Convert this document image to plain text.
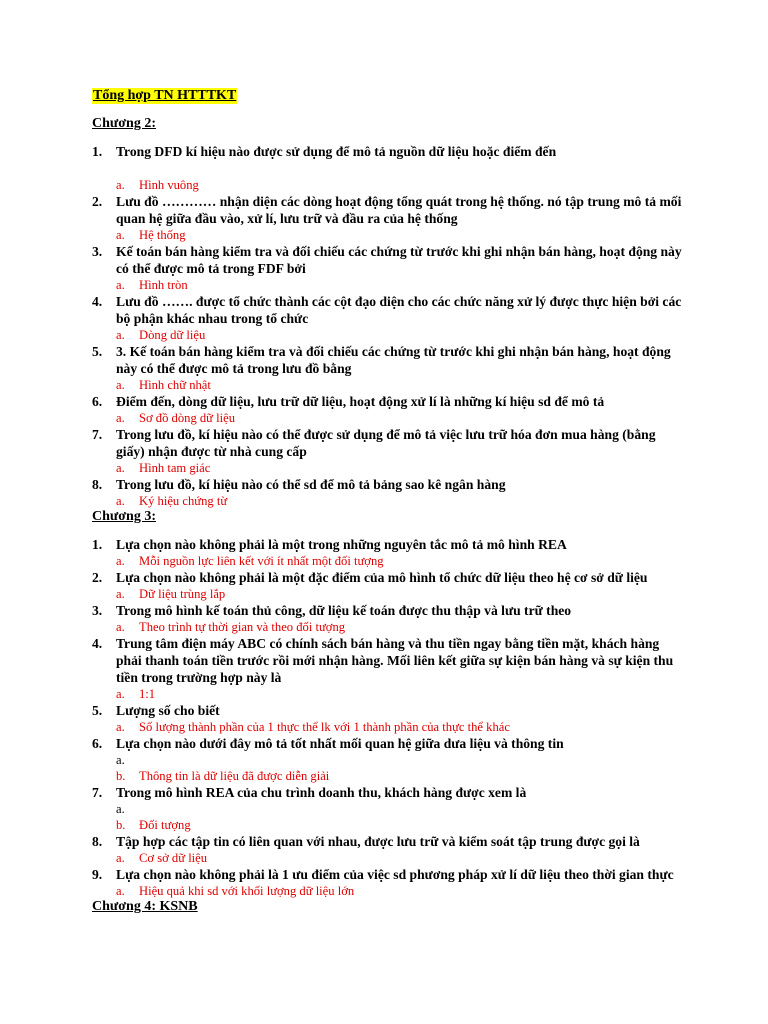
Tổng hợp TN HTTTKT
Chương 2:
1. Trong DFD kí hiệu nào được sử dụng để mô tả nguồn dữ liệu hoặc điểm đến
a. Hình vuông
2. Lưu đồ ………… nhận diện các dòng hoạt động tổng quát trong hệ thống. nó tập trung mô tả mối quan hệ giữa đầu vào, xử lí, lưu trữ và đầu ra của hệ thống
a. Hệ thống
3. Kế toán bán hàng kiểm tra và đối chiếu các chứng từ trước khi ghi nhận bán hàng, hoạt động này có thể được mô tả trong FDF bởi
a. Hình tròn
4. Lưu đồ ……. được tổ chức thành các cột đạo diện cho các chức năng xử lý được thực hiện bởi các bộ phận khác nhau trong tổ chức
a. Dòng dữ liệu
5. 3. Kế toán bán hàng kiểm tra và đối chiếu các chứng từ trước khi ghi nhận bán hàng, hoạt động này có thể được mô tả trong lưu đồ bằng
a. Hình chữ nhật
6. Điểm đến, dòng dữ liệu, lưu trữ dữ liệu, hoạt động xử lí là những kí hiệu sd để mô tả
a. Sơ đồ dòng dữ liệu
7. Trong lưu đồ, kí hiệu nào có thể được sử dụng để mô tả việc lưu trữ hóa đơn mua hàng (bằng giấy) nhận được từ nhà cung cấp
a. Hình tam giác
8. Trong lưu đồ, kí hiệu nào có thể sd để mô tả bảng sao kê ngân hàng
a. Ký hiệu chứng từ
Chương 3:
1. Lựa chọn nào không phải là một trong những nguyên tắc mô tả mô hình REA
a. Mỗi nguồn lực liên kết với ít nhất một đối tượng
2. Lựa chọn nào không phải là một đặc điểm của mô hình tổ chức dữ liệu theo hệ cơ sở dữ liệu
a. Dữ liệu trùng lắp
3. Trong mô hình kế toán thủ công, dữ liệu kế toán được thu thập và lưu trữ theo
a. Theo trình tự thời gian và theo đối tượng
4. Trung tâm điện máy ABC có chính sách bán hàng và thu tiền ngay bằng tiền mặt, khách hàng phải thanh toán tiền trước rồi mới nhận hàng. Mối liên kết giữa sự kiện bán hàng và sự kiện thu tiền trong trường hợp này là
a. 1:1
5. Lượng số cho biết
a. Số lượng thành phần của 1 thực thể lk với 1 thành phần của thực thể khác
6. Lựa chọn nào dưới đây mô tả tốt nhất mối quan hệ giữa dưa liệu và thông tin
a.
b. Thông tin là dữ liệu đã được diễn giải
7. Trong mô hình REA của chu trình doanh thu, khách hàng được xem là
a.
b. Đối tượng
8. Tập hợp các tập tin có liên quan với nhau, được lưu trữ và kiểm soát tập trung được gọi là
a. Cơ sở dữ liệu
9. Lựa chọn nào không phải là 1 ưu điểm của việc sd phương pháp xử lí dữ liệu theo thời gian thực
a. Hiệu quả khi sd với khối lượng dữ liệu lớn
Chương 4: KSNB
